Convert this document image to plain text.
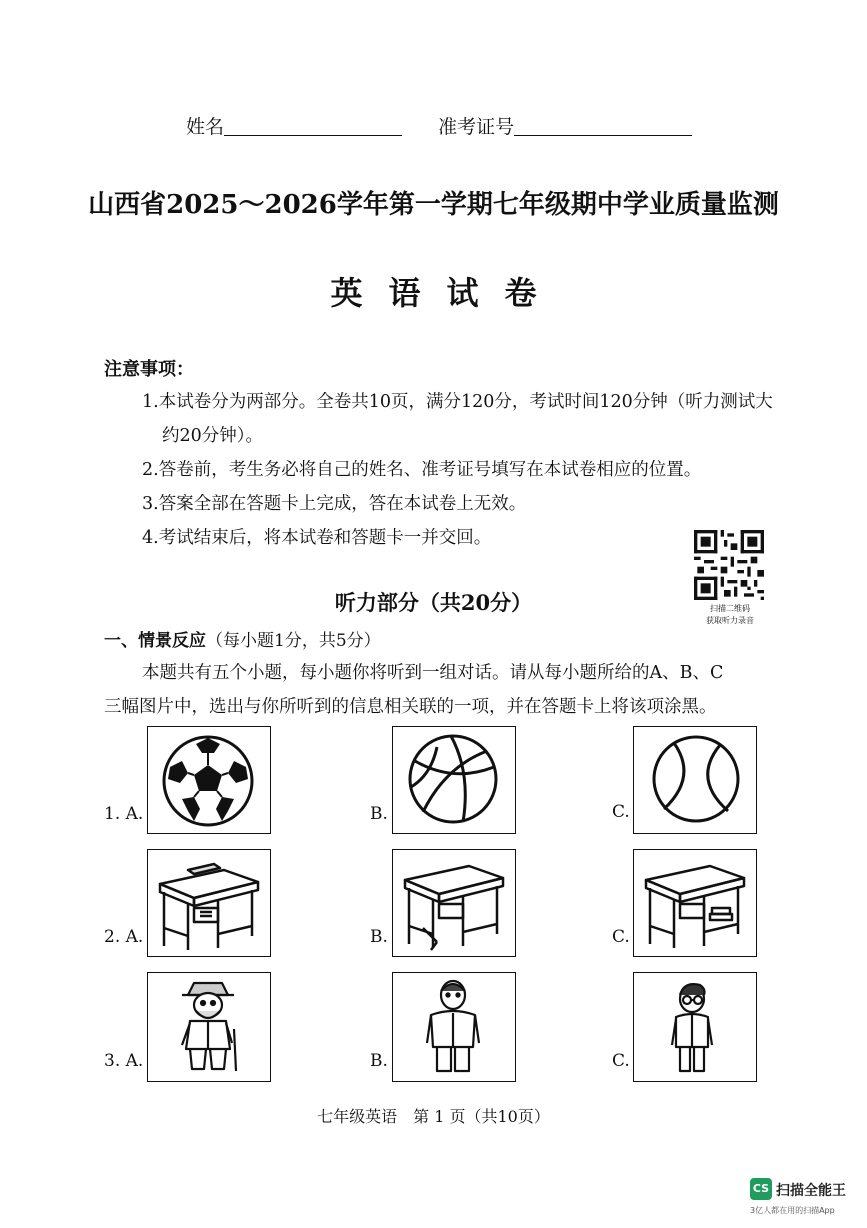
姓名	准考证号
山西省2025～2026学年第一学期七年级期中学业质量监测
英语试卷
注意事项：
1.本试卷分为两部分。全卷共10页，满分120分，考试时间120分钟（听力测试大
约20分钟）。
2.答卷前，考生务必将自己的姓名、准考证号填写在本试卷相应的位置。
3.答案全部在答题卡上完成，答在本试卷上无效。
4.考试结束后，将本试卷和答题卡一并交回。
扫描二维码
获取听力录音
听力部分（共20分）
一、情景反应（每小题1分，共5分）
本题共有五个小题，每小题你将听到一组对话。请从每小题所给的A、B、C
三幅图片中，选出与你所听到的信息相关联的一项，并在答题卡上将该项涂黑。
1. A.	B.	C.
2. A.	B.	C.
3. A.	B.	C.
七年级英语　第 1 页（共10页）
CS 扫描全能王
3亿人都在用的扫描App
